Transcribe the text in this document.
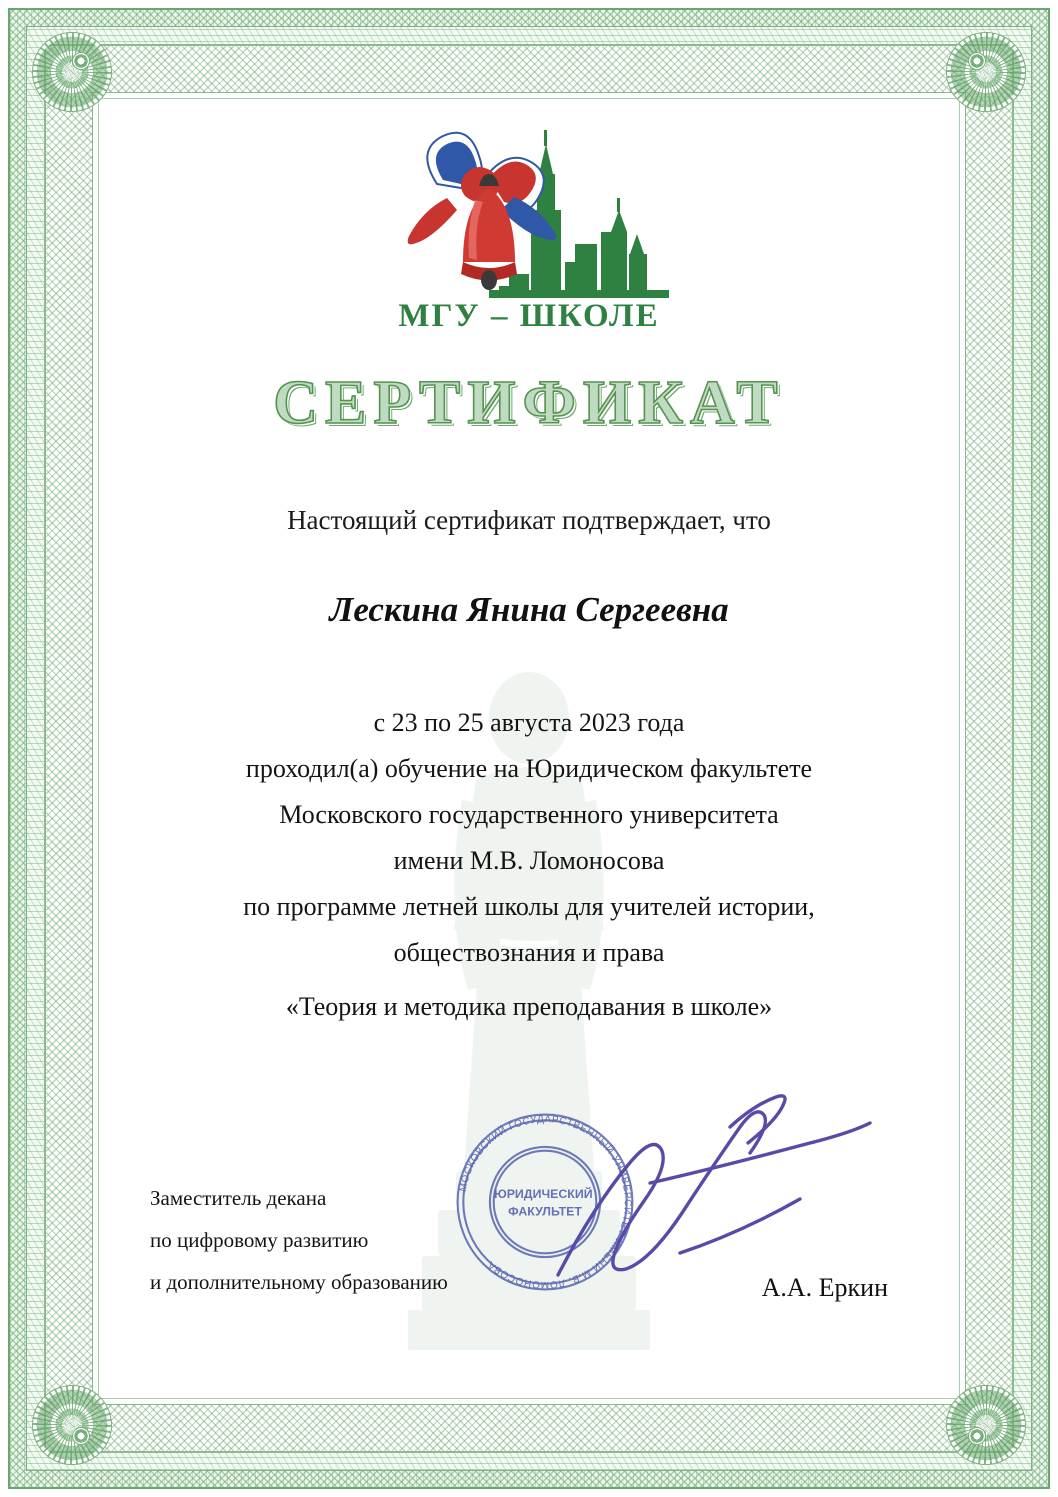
МГУ – ШКОЛЕ
СЕРТИФИКАТ
Настоящий сертификат подтверждает, что
Лескина Янина Сергеевна
с 23 по 25 августа 2023 года
проходил(а) обучение на Юридическом факультете
Московского государственного университета
имени М.В. Ломоносова
по программе летней школы для учителей истории,
обществознания и права
«Теория и методика преподавания в школе»
МОСКОВСКИЙ ГОСУДАРСТВЕННЫЙ УНИВЕРСИТЕТ ИМЕНИ М.В. ЛОМОНОСОВА
ЮРИДИЧЕСКИЙ ФАКУЛЬТЕТ
Заместитель декана
по цифровому развитию
и дополнительному образованию	А.А. Еркин
